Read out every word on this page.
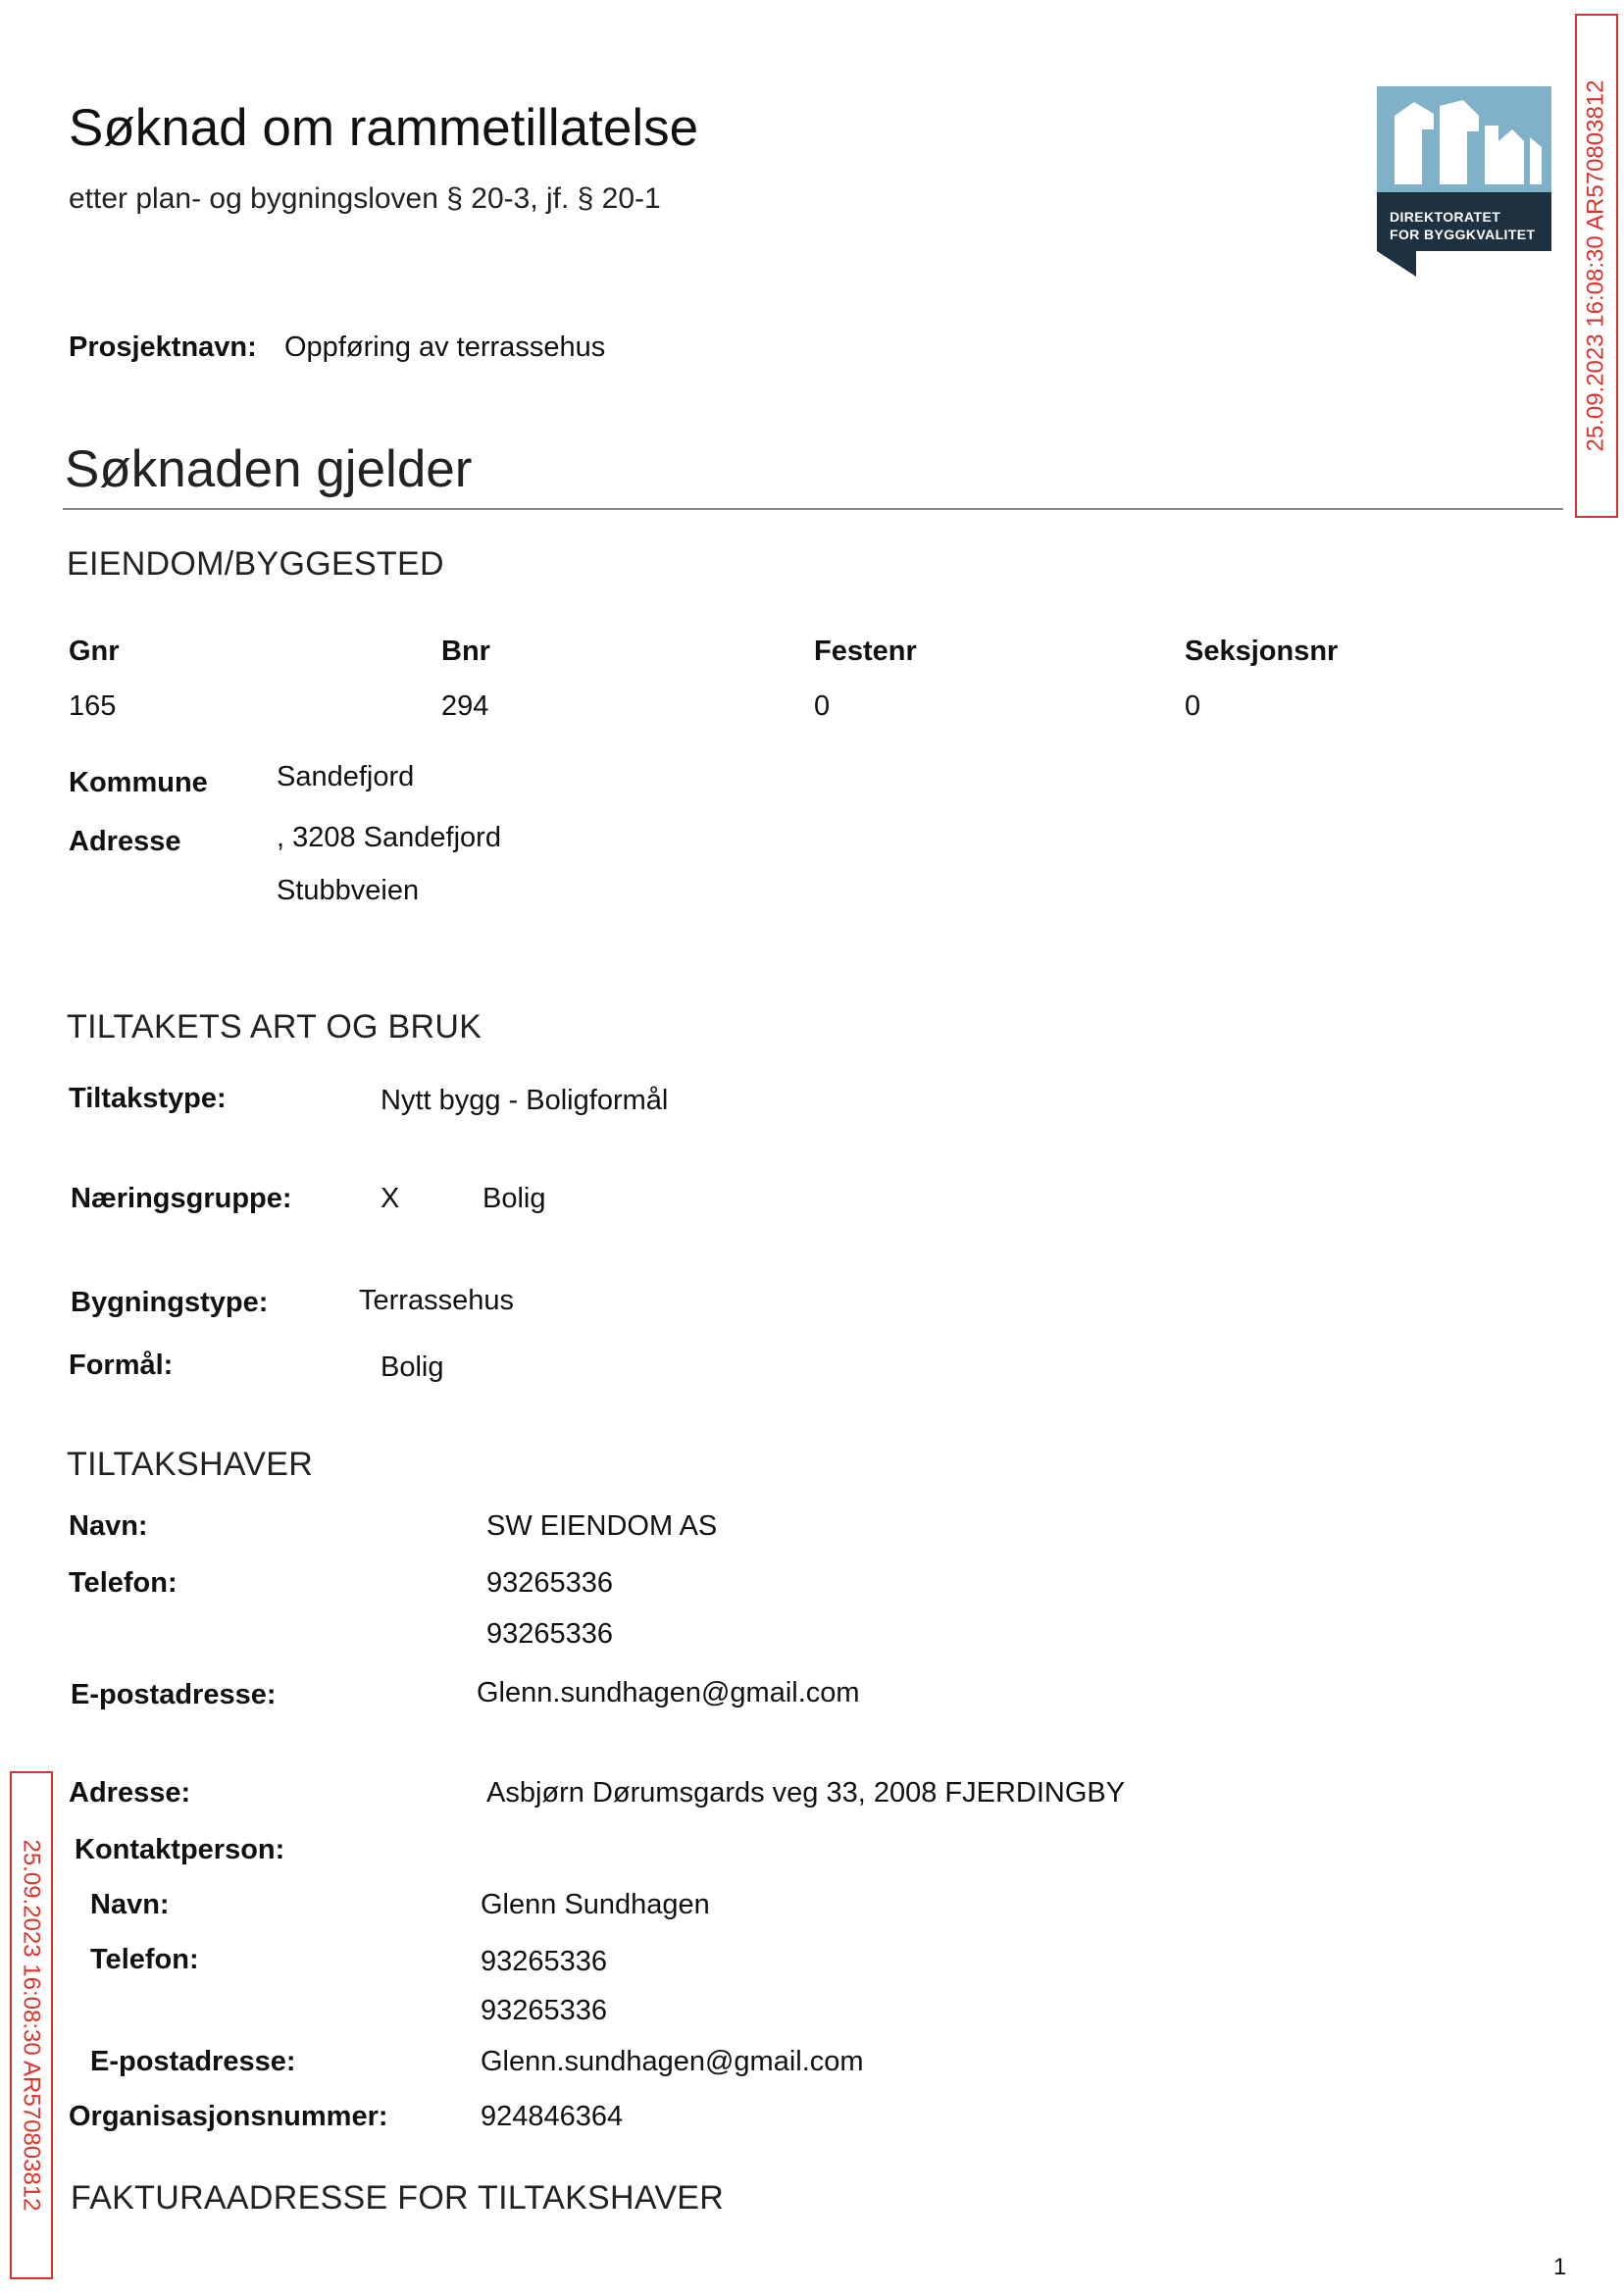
Søknad om rammetillatelse
etter plan- og bygningsloven § 20-3, jf. § 20-1
Prosjektnavn: Oppføring av terrassehus
DIREKTORATET
FOR BYGGKVALITET 25.09.2023 16:08:30 AR570803812
25.09.2023 16:08:30 AR570803812
Søknaden gjelder
EIENDOM/BYGGESTED
Gnr	Bnr	Festenr	Seksjonsnr
165	294	0	0
Kommune Sandefjord
Adresse	, 3208 Sandefjord
Stubbveien
TILTAKETS ART OG BRUK
Tiltakstype:	Nytt bygg - Boligformål
Næringsgruppe:	X	Bolig
Bygningstype:	Terrassehus
Formål:	Bolig
TILTAKSHAVER
Navn:	SW EIENDOM AS
Telefon:	93265336
93265336
E-postadresse:	Glenn.sundhagen@gmail.com
Adresse:	Asbjørn Dørumsgards veg 33, 2008 FJERDINGBY
Kontaktperson:
Navn:	Glenn Sundhagen
Telefon:	93265336
93265336
E-postadresse:	Glenn.sundhagen@gmail.com
Organisasjonsnummer:	924846364
FAKTURAADRESSE FOR TILTAKSHAVER
1
